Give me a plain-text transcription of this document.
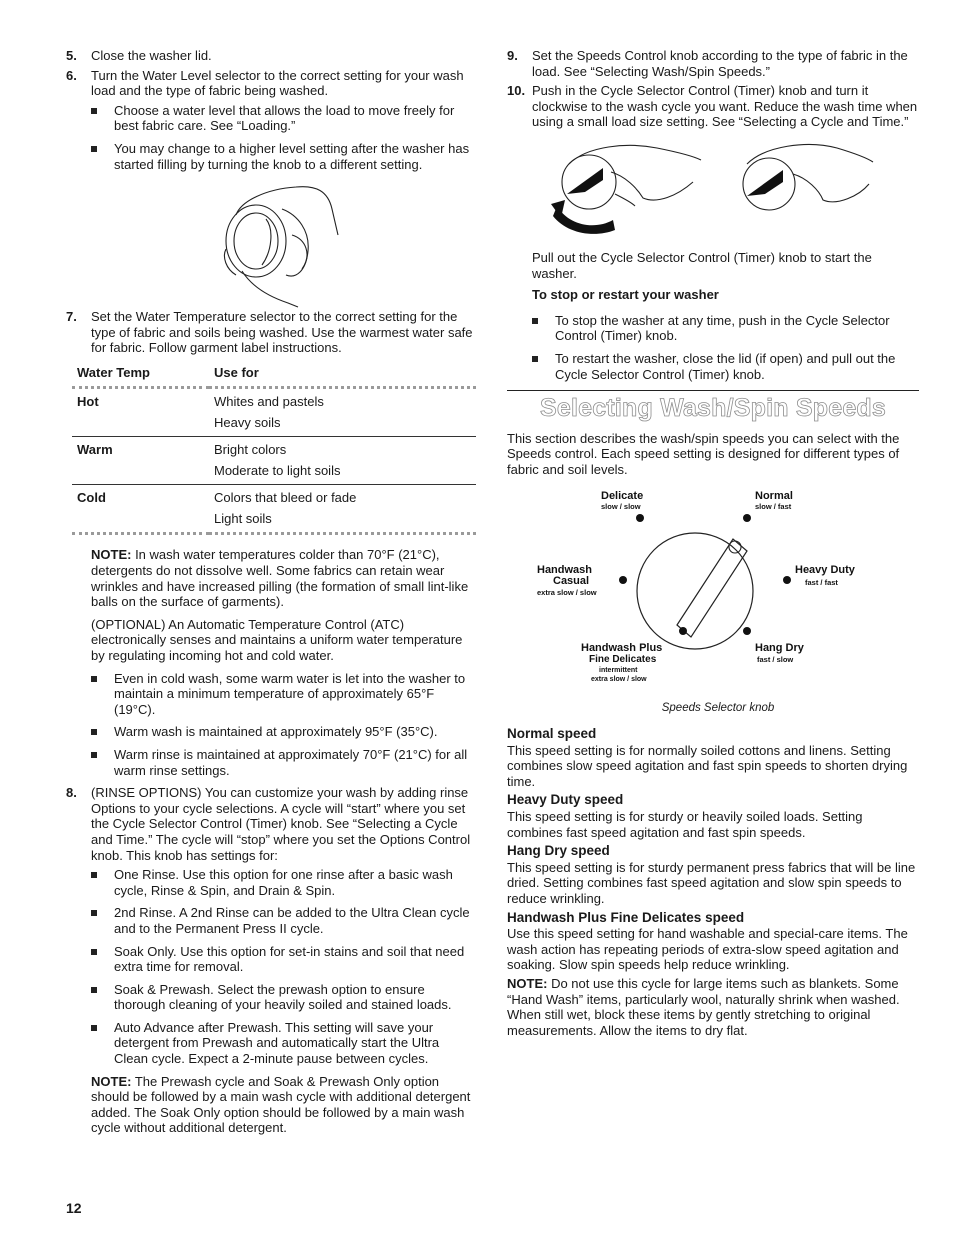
5. Close the washer lid.
6. Turn the Water Level selector to the correct setting for your wash load and the type of fabric being washed.
Choose a water level that allows the load to move freely for best fabric care. See “Loading.”
You may change to a higher level setting after the washer has started filling by turning the knob to a different setting.
7. Set the Water Temperature selector to the correct setting for the type of fabric and soils being washed. Use the warmest water safe for fabric. Follow garment label instructions.
Water Temp	Use for
Hot	Whites and pastels
Heavy soils

Warm	Bright colors
Moderate to light soils

Cold	Colors that bleed or fade
Light soils
NOTE: In wash water temperatures colder than 70°F (21°C), detergents do not dissolve well. Some fabrics can retain wear wrinkles and have increased pilling (the formation of small lint-like balls on the surface of garments).
(OPTIONAL) An Automatic Temperature Control (ATC) electronically senses and maintains a uniform water temperature by regulating incoming hot and cold water.
Even in cold wash, some warm water is let into the washer to maintain a minimum temperature of approximately 65°F (19°C).
Warm wash is maintained at approximately 95°F (35°C).
Warm rinse is maintained at approximately 70°F (21°C) for all warm rinse settings.
8. (RINSE OPTIONS) You can customize your wash by adding rinse Options to your cycle selections. A cycle will “start” where you set the Cycle Selector Control (Timer) knob. See “Selecting a Cycle and Time.” The cycle will “stop” where you set the Options Control knob. This knob has settings for:
One Rinse. Use this option for one rinse after a basic wash cycle, Rinse & Spin, and Drain & Spin.
2nd Rinse. A 2nd Rinse can be added to the Ultra Clean cycle and to the Permanent Press II cycle.
Soak Only. Use this option for set-in stains and soil that need extra time for removal.
Soak & Prewash. Select the prewash option to ensure thorough cleaning of your heavily soiled and stained loads.
Auto Advance after Prewash. This setting will save your detergent from Prewash and automatically start the Ultra Clean cycle. Expect a 2-minute pause between cycles.
NOTE: The Prewash cycle and Soak & Prewash Only option should be followed by a main wash cycle with additional detergent added. The Soak Only option should be followed by a main wash cycle without additional detergent.
9. Set the Speeds Control knob according to the type of fabric in the load. See “Selecting Wash/Spin Speeds.”
10. Push in the Cycle Selector Control (Timer) knob and turn it clockwise to the wash cycle you want. Reduce the wash time when using a small load size setting. See “Selecting a Cycle and Time.”
Pull out the Cycle Selector Control (Timer) knob to start the washer.
To stop or restart your washer
To stop the washer at any time, push in the Cycle Selector Control (Timer) knob.
To restart the washer, close the lid (if open) and pull out the Cycle Selector Control (Timer) knob.
Selecting Wash/Spin Speeds
This section describes the wash/spin speeds you can select with the Speeds control. Each speed setting is designed for different types of fabric and soil levels.
Delicate
slow / slow
Normal
slow / fast
Handwash
Casual
extra slow / slow
Heavy Duty
fast / fast
Handwash Plus
Fine Delicates
intermittent
extra slow / slow
Hang Dry
fast / slow
Speeds Selector knob
Normal speed
This speed setting is for normally soiled cottons and linens. Setting combines slow speed agitation and fast spin speeds to shorten drying time.
Heavy Duty speed
This speed setting is for sturdy or heavily soiled loads. Setting combines fast speed agitation and fast spin speeds.
Hang Dry speed
This speed setting is for sturdy permanent press fabrics that will be line dried. Setting combines fast speed agitation and slow spin speeds to reduce wrinkling.
Handwash Plus Fine Delicates speed
Use this speed setting for hand washable and special-care items. The wash action has repeating periods of extra-slow speed agitation and soaking. Slow spin speeds help reduce wrinkling.
NOTE: Do not use this cycle for large items such as blankets. Some “Hand Wash” items, particularly wool, naturally shrink when washed. When still wet, block these items by gently stretching to original measurements. Allow the items to dry flat.
12
